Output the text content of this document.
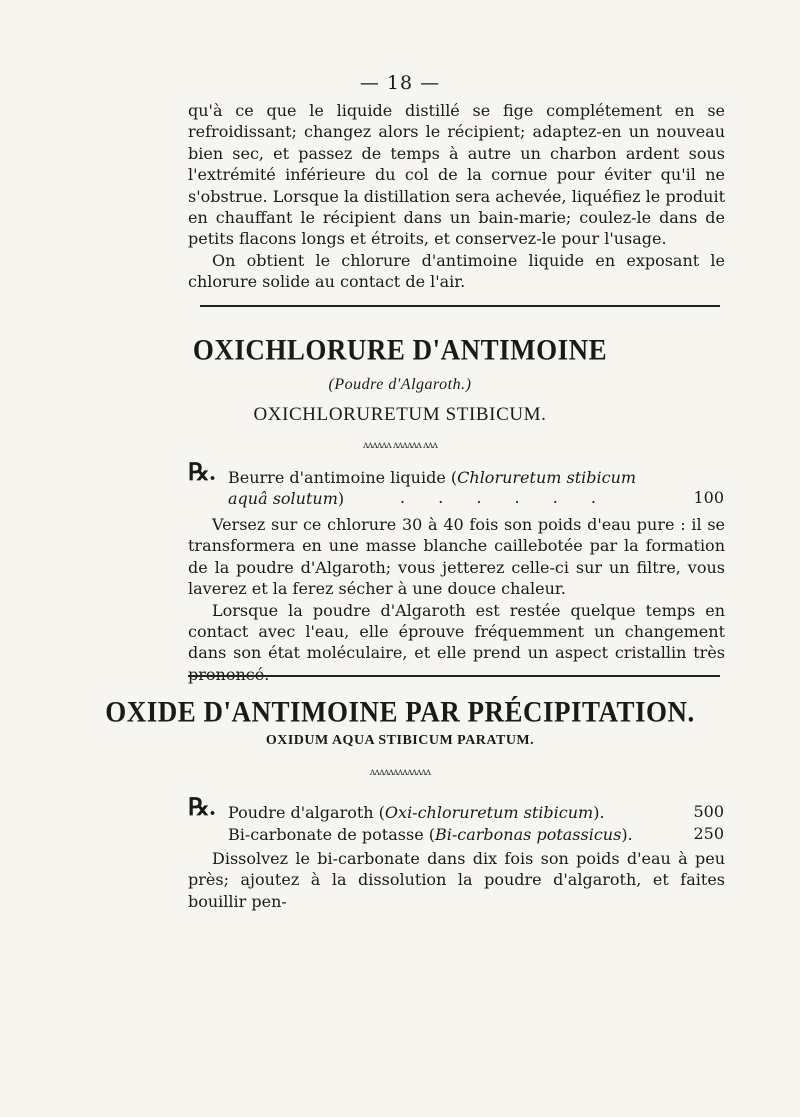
— 18 —

qu'à ce que le liquide distillé se fige complétement en se refroidissant; changez alors le récipient; adaptez-en un nouveau bien sec, et passez de temps à autre un charbon ardent sous l'extrémité inférieure du col de la cornue pour éviter qu'il ne s'obstrue. Lorsque la distillation sera achevée, liquéfiez le produit en chauffant le récipient dans un bain-marie; coulez-le dans de petits flacons longs et étroits, et conservez-le pour l'usage.

On obtient le chlorure d'antimoine liquide en exposant le chlorure solide au contact de l'air.

OXICHLORURE D'ANTIMOINE
(Poudre d'Algaroth.)
OXICHLORURETUM STIBICUM.
ʌʌʌʌʌʌ ʌʌʌʌʌʌ ʌʌʌ
℞. Beurre d'antimoine liquide (Chloruretum stibicum
aquâ solutum)	. . . . . .	100

Versez sur ce chlorure 30 à 40 fois son poids d'eau pure : il se transformera en une masse blanche caillebotée par la formation de la poudre d'Algaroth; vous jetterez celle-ci sur un filtre, vous laverez et la ferez sécher à une douce chaleur.

Lorsque la poudre d'Algaroth est restée quelque temps en contact avec l'eau, elle éprouve fréquemment un changement dans son état moléculaire, et elle prend un aspect cristallin très prononcé.

OXIDE D'ANTIMOINE PAR PRÉCIPITATION.
OXIDUM AQUA STIBICUM PARATUM.
ʌʌʌʌʌʌʌʌʌʌʌʌʌ
℞. Poudre d'algaroth (Oxi-chloruretum stibicum).	500
Bi-carbonate de potasse (Bi-carbonas potassicus).	250

Dissolvez le bi-carbonate dans dix fois son poids d'eau à peu près; ajoutez à la dissolution la poudre d'algaroth, et faites bouillir pen-
